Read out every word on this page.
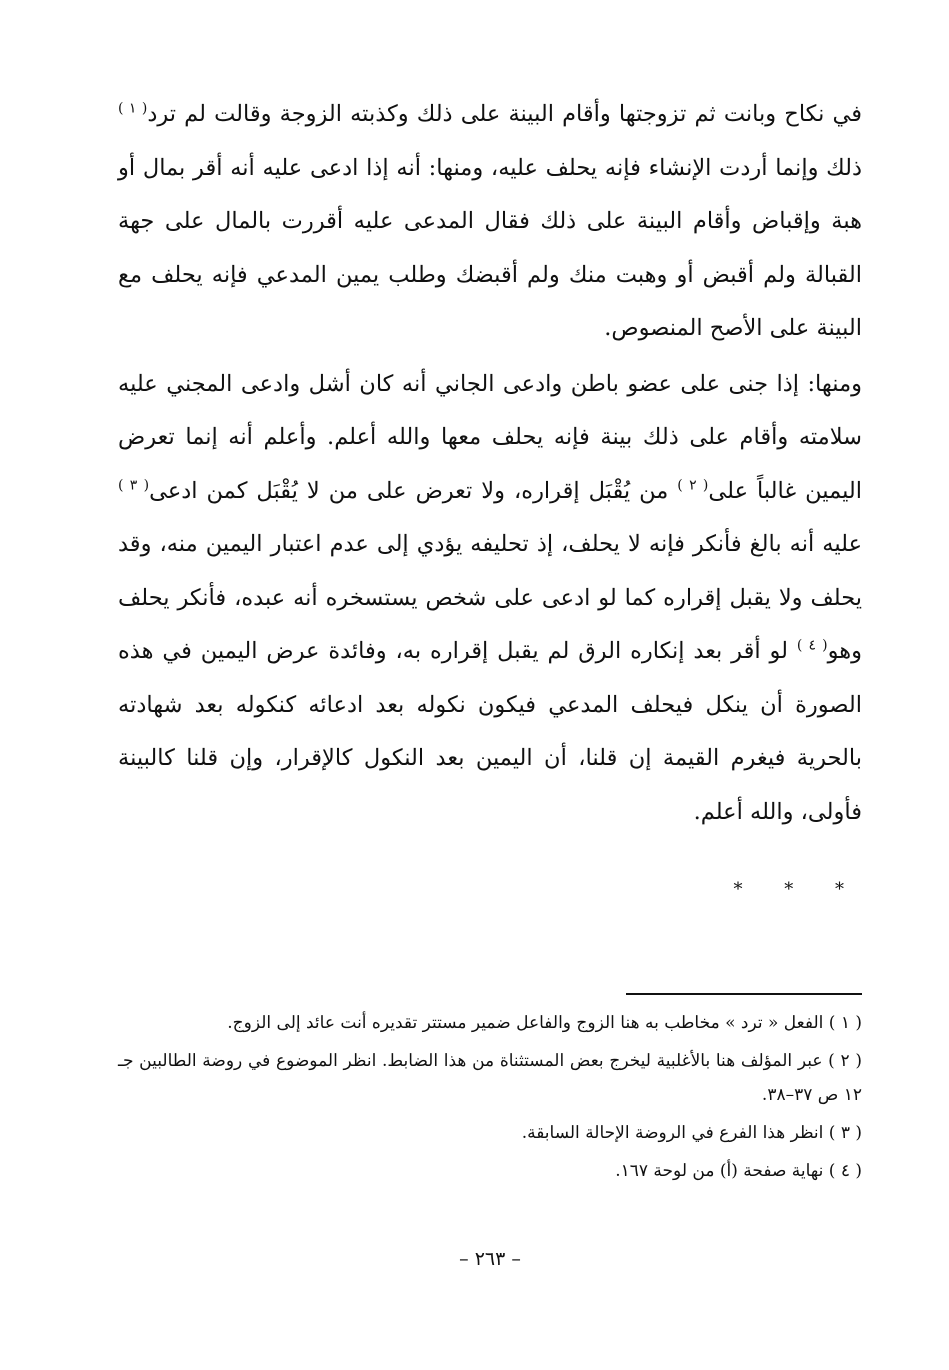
في نكاح وبانت ثم تزوجتها وأقام البينة على ذلك وكذبته الزوجة وقالت لم ترد$^{( ١ )}$ ذلك وإنما أردت الإنشاء فإنه يحلف عليه، ومنها: أنه إذا ادعى عليه أنه أقر بمال أو هبة وإقباض وأقام البينة على ذلك فقال المدعى عليه أقررت بالمال على جهة القبالة ولم أقبض أو وهبت منك ولم أقبضك وطلب يمين المدعي فإنه يحلف مع البينة على الأصح المنصوص.

ومنها: إذا جنى على عضو باطن وادعى الجاني أنه كان أشل وادعى المجني عليه سلامته وأقام على ذلك بينة فإنه يحلف معها والله أعلم. وأعلم أنه إنما تعرض اليمين غالباً على$^{( ٢ )}$ من يُقْبَل إقراره، ولا تعرض على من لا يُقْبَل كمن ادعى$^{( ٣ )}$ عليه أنه بالغ فأنكر فإنه لا يحلف، إذ تحليفه يؤدي إلى عدم اعتبار اليمين منه، وقد يحلف ولا يقبل إقراره كما لو ادعى على شخص يستسخره أنه عبده، فأنكر يحلف وهو$^{( ٤ )}$ لو أقر بعد إنكاره الرق لم يقبل إقراره به، وفائدة عرض اليمين في هذه الصورة أن ينكل فيحلف المدعي فيكون نكوله بعد ادعائه كنكوله بعد شهادته بالحرية فيغرم القيمة إن قلنا، أن اليمين بعد النكول كالإقرار، وإن قلنا كالبينة فأولى، والله أعلم.

* * *

( ١ ) الفعل « ترد » مخاطب به هنا الزوج والفاعل ضمير مستتر تقديره أنت عائد إلى الزوج.

( ٢ ) عبر المؤلف هنا بالأغلبية ليخرج بعض المستثناة من هذا الضابط. انظر الموضوع في روضة الطالبين جـ ١٢ ص ٣٧–٣٨.

( ٣ ) انظر هذا الفرع في الروضة الإحالة السابقة.

( ٤ ) نهاية صفحة (أ) من لوحة ١٦٧.

– ٢٦٣ –
